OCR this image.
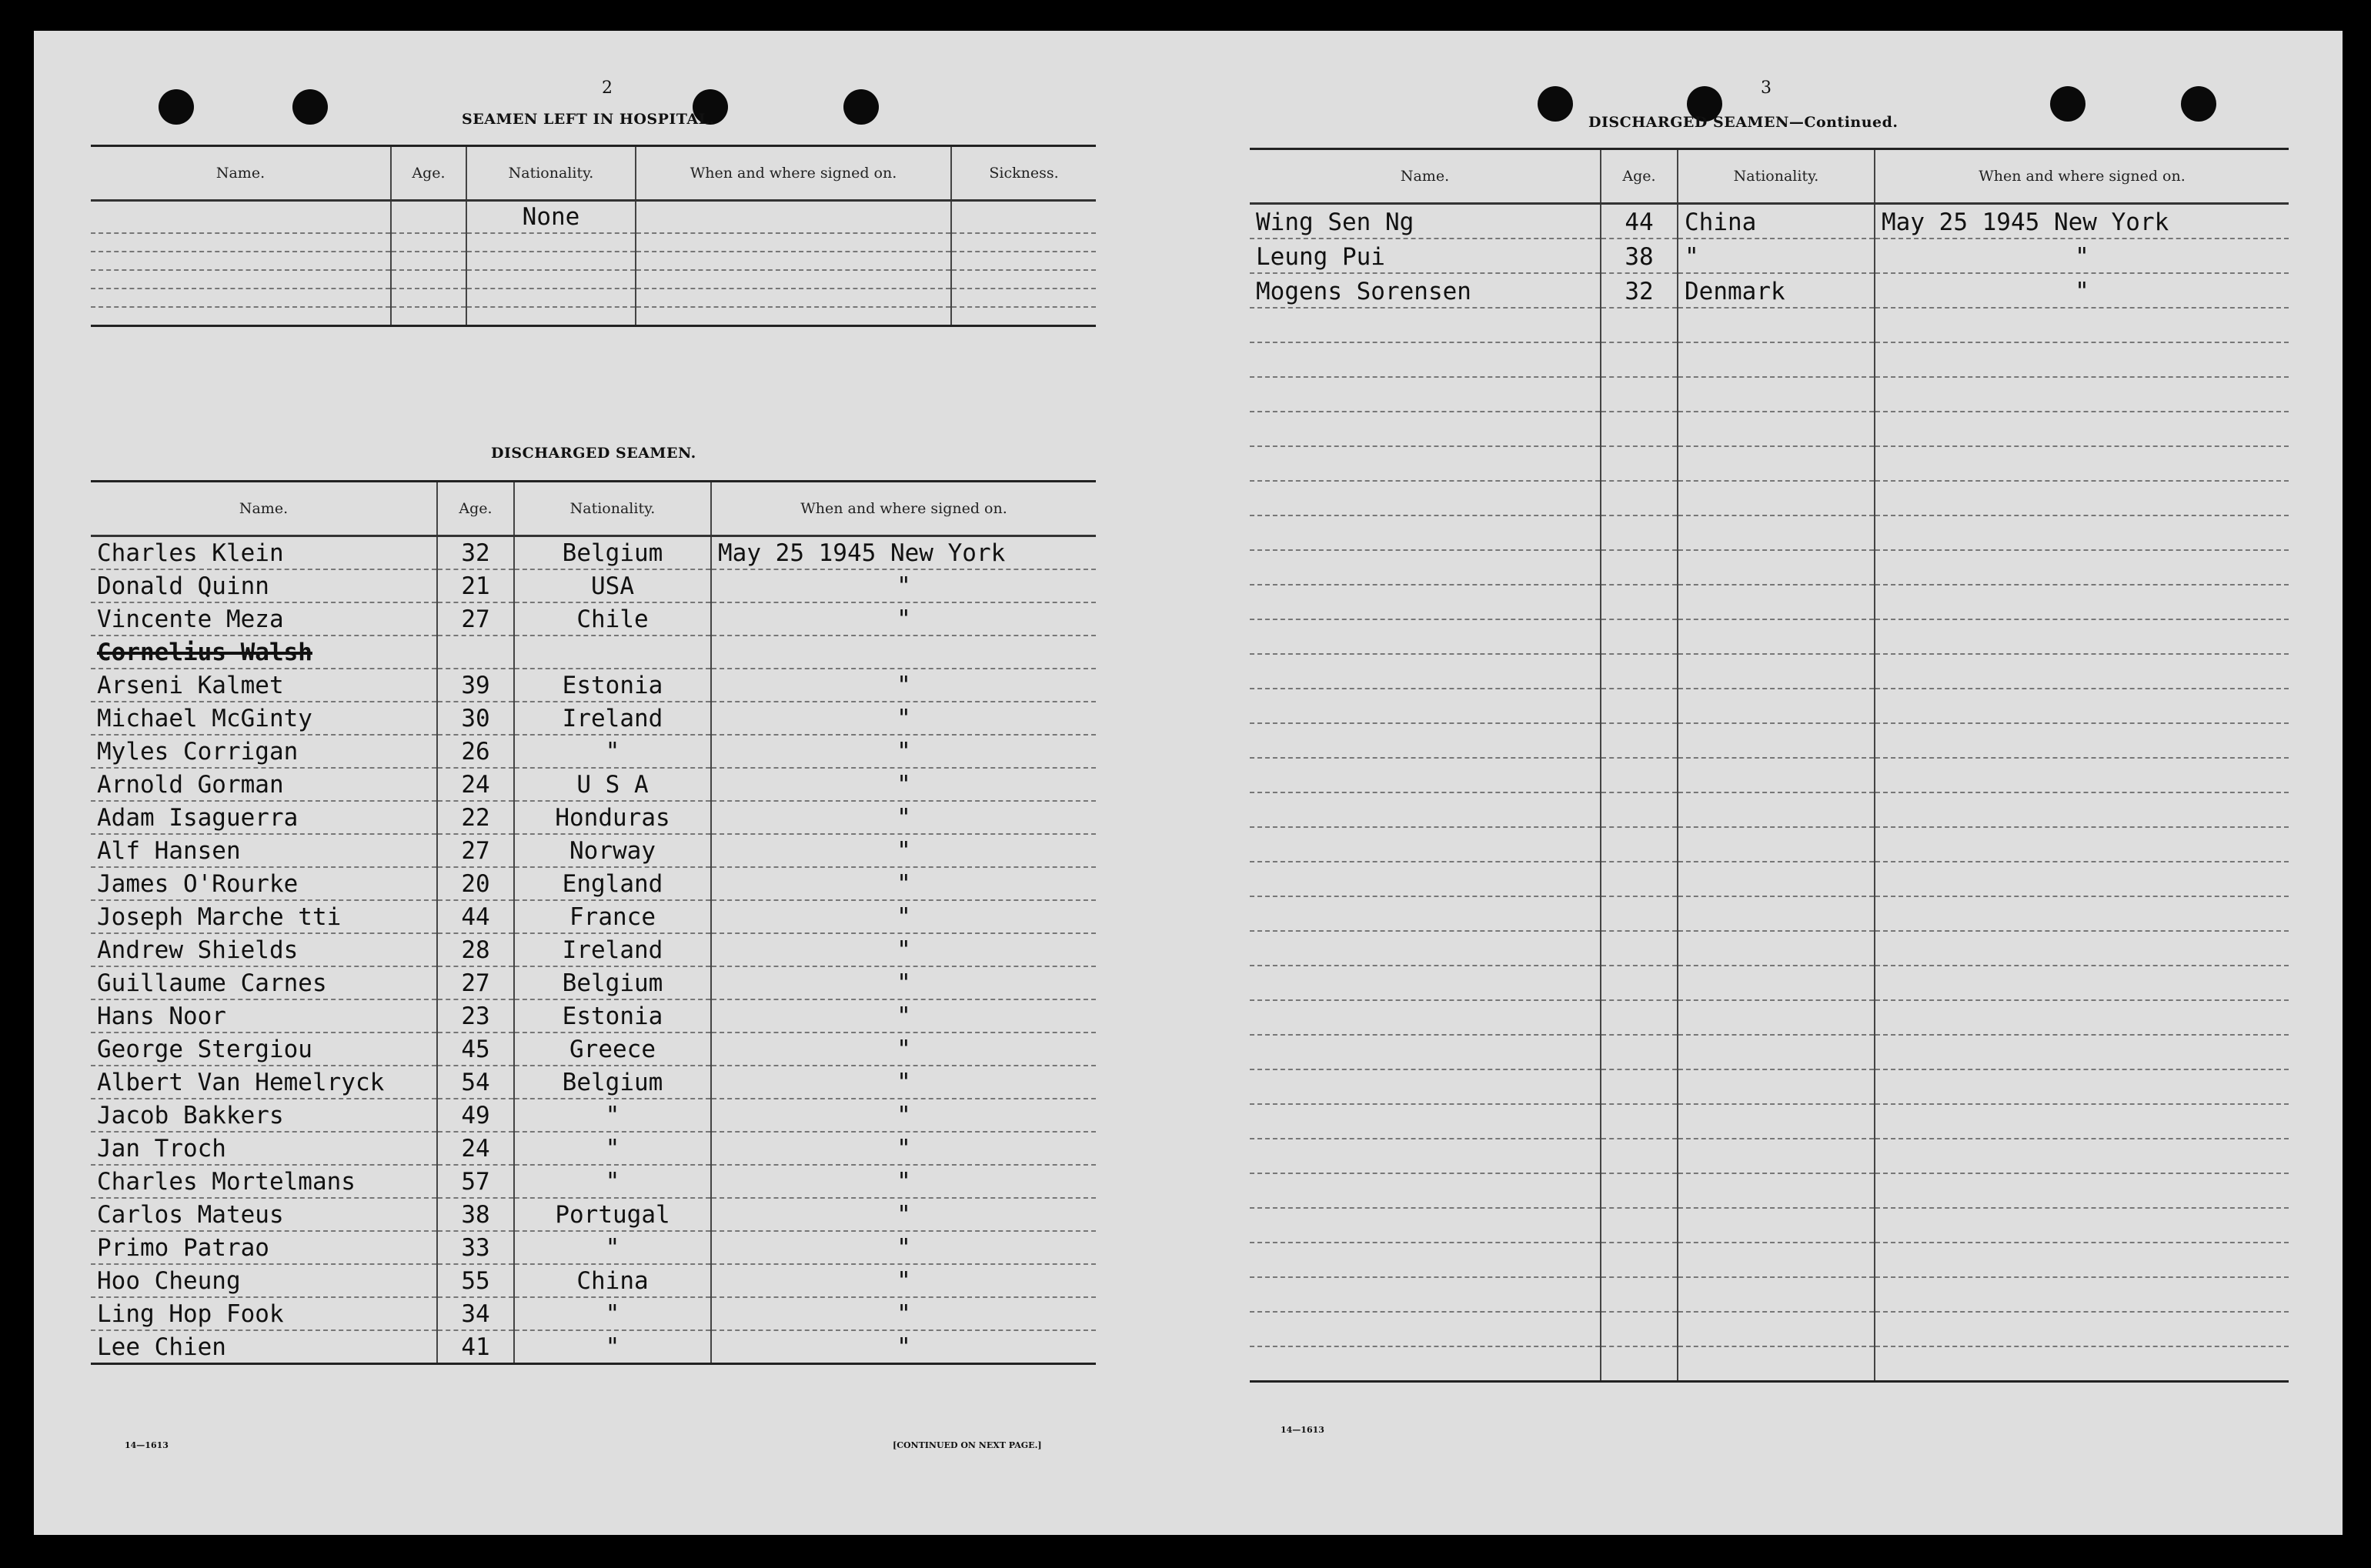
2
SEAMEN LEFT IN HOSPITAL.
Name.	Age.	Nationality.	When and where signed on.	Sickness.
		None		

DISCHARGED SEAMEN.
Name.	Age.	Nationality.	When and where signed on.
Charles Klein	32	Belgium	May 25 1945 New York
Donald Quinn	21	USA	"
Vincente Meza	27	Chile	"
Cornelius Walsh			
Arseni Kalmet	39	Estonia	"
Michael McGinty	30	Ireland	"
Myles Corrigan	26	"	"
Arnold Gorman	24	U S A	"
Adam Isaguerra	22	Honduras	"
Alf Hansen	27	Norway	"
James O'Rourke	20	England	"
Joseph Marche tti	44	France	"
Andrew Shields	28	Ireland	"
Guillaume Carnes	27	Belgium	"
Hans Noor	23	Estonia	"
George Stergiou	45	Greece	"
Albert Van Hemelryck	54	Belgium	"
Jacob Bakkers	49	"	"
Jan Troch	24	"	"
Charles Mortelmans	57	"	"
Carlos Mateus	38	Portugal	"
Primo Patrao	33	"	"
Hoo Cheung	55	China	"
Ling Hop Fook	34	"	"
Lee Chien	41	"	"
14—1613	[CONTINUED ON NEXT PAGE.]
3
DISCHARGED SEAMEN—Continued.
Name.	Age.	Nationality.	When and where signed on.
Wing Sen Ng	44	China	May 25 1945 New York
Leung Pui	38	"	"
Mogens Sorensen	32	Denmark	"

14—1613
